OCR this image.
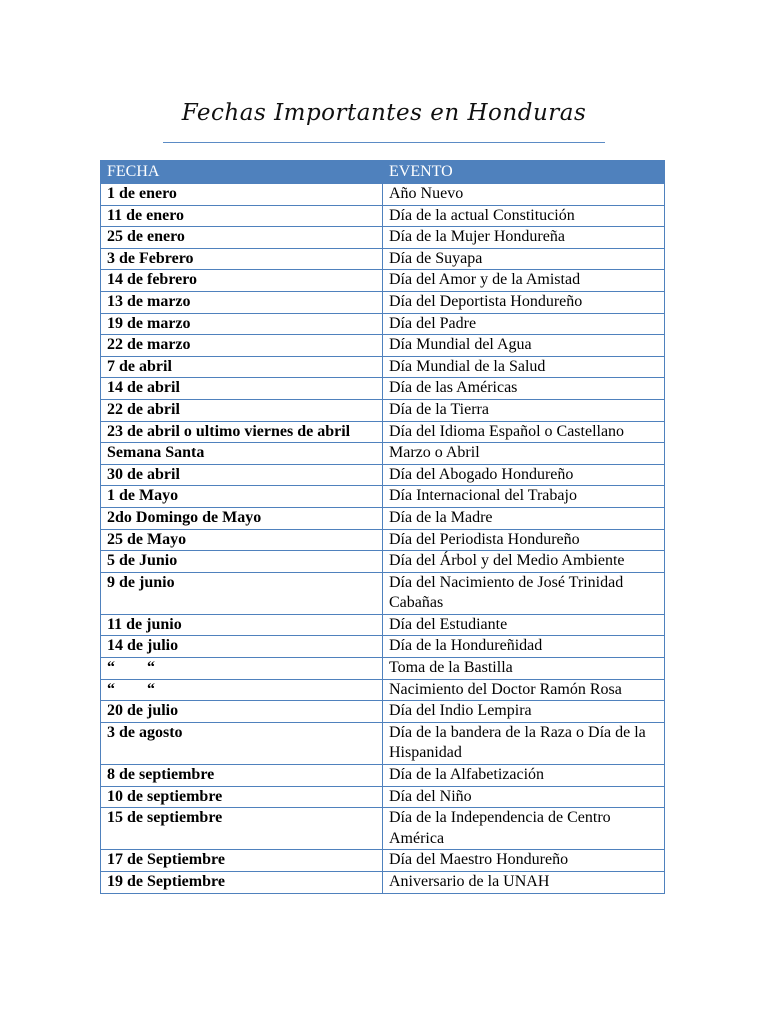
Fechas Importantes en Honduras
FECHA	EVENTO
1 de enero	Año Nuevo
11 de enero	Día de la actual Constitución
25 de enero	Día de la Mujer Hondureña
3 de Febrero	Día de Suyapa
14 de febrero	Día del Amor y de la Amistad
13 de marzo	Día del Deportista Hondureño
19 de marzo	Día del Padre
22 de marzo	Día Mundial del Agua
7 de abril	Día Mundial de la Salud
14 de abril	Día de las Américas
22 de abril	Día de la Tierra
23 de abril o ultimo viernes de abril	Día del Idioma Español o Castellano
Semana Santa	Marzo o Abril
30 de abril	Día del Abogado Hondureño
1 de Mayo	Día Internacional del Trabajo
2do Domingo de Mayo	Día de la Madre
25 de Mayo	Día del Periodista Hondureño
5 de Junio	Día del Árbol y del Medio Ambiente
9 de junio	Día del Nacimiento de José Trinidad Cabañas
11 de junio	Día del Estudiante
14 de julio	Día de la Hondureñidad
“        “	Toma de la Bastilla
“        “	Nacimiento del Doctor Ramón Rosa
20 de julio	Día del Indio Lempira
3 de agosto	Día de la bandera de la Raza o Día de la Hispanidad
8 de septiembre	Día de la Alfabetización
10 de septiembre	Día del Niño
15 de septiembre	Día de la Independencia de Centro América
17 de Septiembre	Día del Maestro Hondureño
19 de Septiembre	Aniversario de la UNAH
